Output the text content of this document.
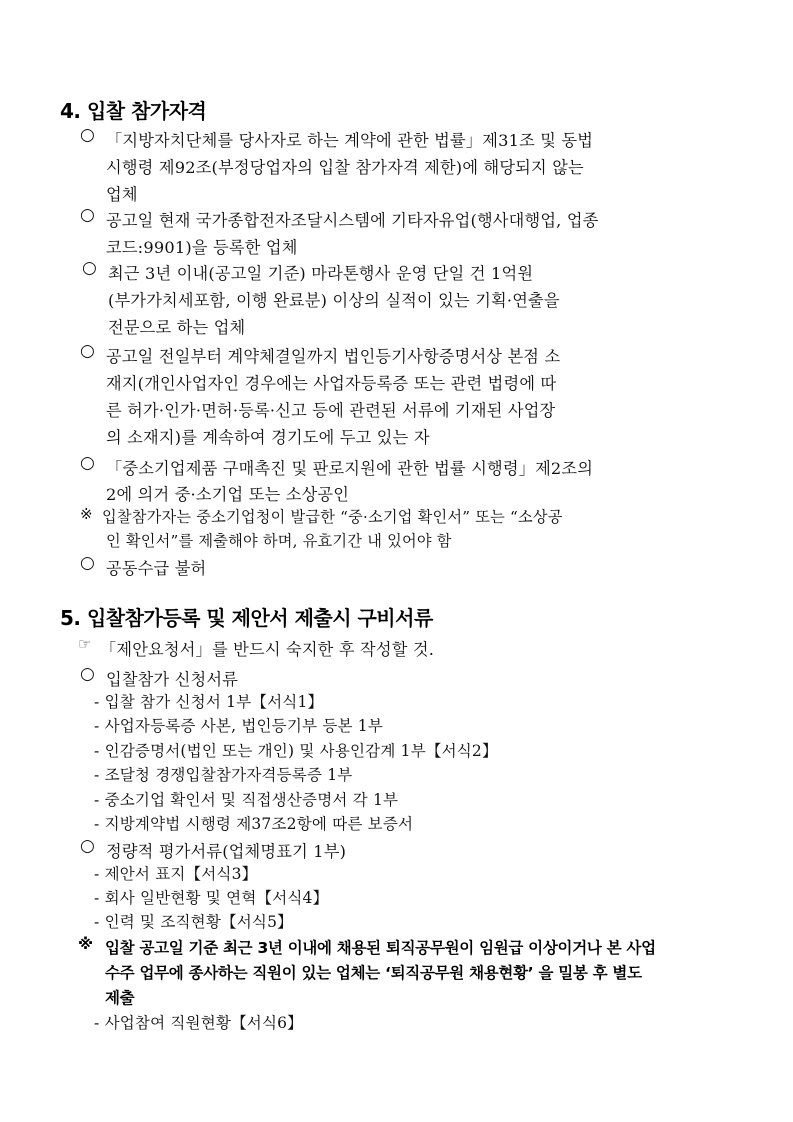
4. 입찰 참가자격
○ 「지방자치단체를 당사자로 하는 계약에 관한 법률」제31조 및 동법
시행령 제92조(부정당업자의 입찰 참가자격 제한)에 해당되지 않는
업체
○ 공고일 현재 국가종합전자조달시스템에 기타자유업(행사대행업, 업종
코드:9901)을 등록한 업체
○ 최근 3년 이내(공고일 기준) 마라톤행사 운영 단일 건 1억원
(부가가치세포함, 이행 완료분) 이상의 실적이 있는 기획·연출을
전문으로 하는 업체
○ 공고일 전일부터 계약체결일까지 법인등기사항증명서상 본점 소
재지(개인사업자인 경우에는 사업자등록증 또는 관련 법령에 따
른 허가·인가·면허·등록·신고 등에 관련된 서류에 기재된 사업장
의 소재지)를 계속하여 경기도에 두고 있는 자
○ 「중소기업제품 구매촉진 및 판로지원에 관한 법률 시행령」제2조의
2에 의거 중·소기업 또는 소상공인
※ 입찰참가자는 중소기업청이 발급한 “중·소기업 확인서” 또는 “소상공
인 확인서”를 제출해야 하며, 유효기간 내 있어야 함
○ 공동수급 불허
5. 입찰참가등록 및 제안서 제출시 구비서류
☞ 「제안요청서」를 반드시 숙지한 후 작성할 것.
○ 입찰참가 신청서류
- 입찰 참가 신청서 1부【서식1】
- 사업자등록증 사본, 법인등기부 등본 1부
- 인감증명서(법인 또는 개인) 및 사용인감계 1부【서식2】
- 조달청 경쟁입찰참가자격등록증 1부
- 중소기업 확인서 및 직접생산증명서 각 1부
- 지방계약법 시행령 제37조2항에 따른 보증서
○ 정량적 평가서류(업체명표기 1부)
- 제안서 표지【서식3】
- 회사 일반현황 및 연혁【서식4】
- 인력 및 조직현황【서식5】
※ 입찰 공고일 기준 최근 3년 이내에 채용된 퇴직공무원이 임원급 이상이거나 본 사업
수주 업무에 종사하는 직원이 있는 업체는 ‘퇴직공무원 채용현황’ 을 밀봉 후 별도
제출
- 사업참여 직원현황【서식6】
